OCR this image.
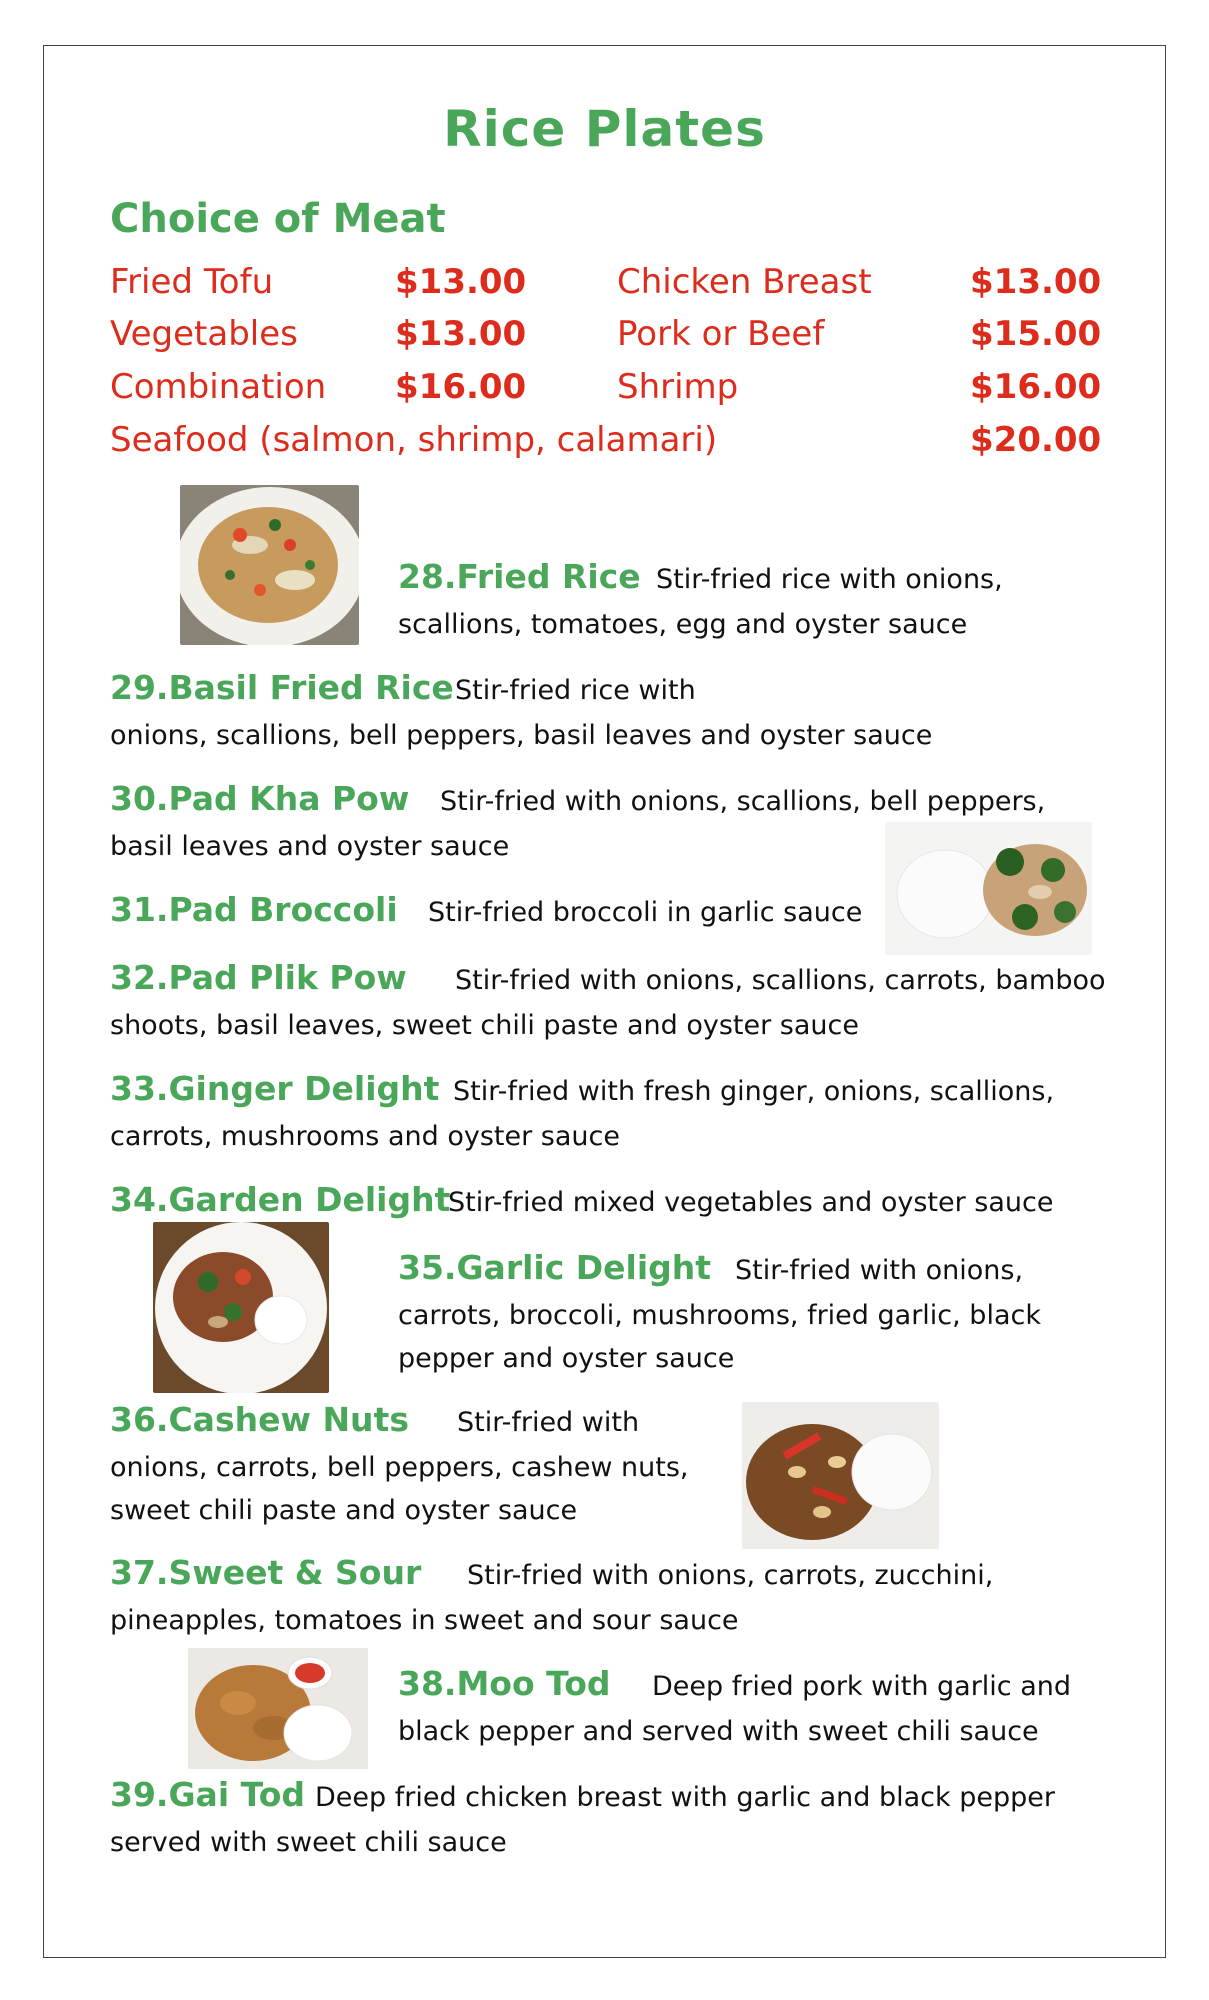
Rice Plates
Choice of Meat
Fried Tofu	$13.00	Chicken Breast	$13.00
Vegetables	$13.00	Pork or Beef	$15.00
Combination $16.00	Shrimp	$16.00
Seafood (salmon, shrimp, calamari)	$20.00
28.Fried Rice Stir-fried rice with onions,
scallions, tomatoes, egg and oyster sauce
29.Basil Fried Rice Stir-fried rice with
onions, scallions, bell peppers, basil leaves and oyster sauce
30.Pad Kha Pow Stir-fried with onions, scallions, bell peppers,
basil leaves and oyster sauce
31.Pad Broccoli Stir-fried broccoli in garlic sauce
32.Pad Plik Pow Stir-fried with onions, scallions, carrots, bamboo
shoots, basil leaves, sweet chili paste and oyster sauce
33.Ginger Delight Stir-fried with fresh ginger, onions, scallions,
carrots, mushrooms and oyster sauce
34.Garden Delight
Stir-fried mixed vegetables and oyster sauce
35.Garlic Delight Stir-fried with onions,
carrots, broccoli, mushrooms, fried garlic, black
pepper and oyster sauce
36.Cashew Nuts Stir-fried with
onions, carrots, bell peppers, cashew nuts,
sweet chili paste and oyster sauce
37.Sweet & Sour Stir-fried with onions, carrots, zucchini,
pineapples, tomatoes in sweet and sour sauce
38.Moo Tod Deep fried pork with garlic and
black pepper and served with sweet chili sauce
39.Gai Tod Deep fried chicken breast with garlic and black pepper
served with sweet chili sauce
